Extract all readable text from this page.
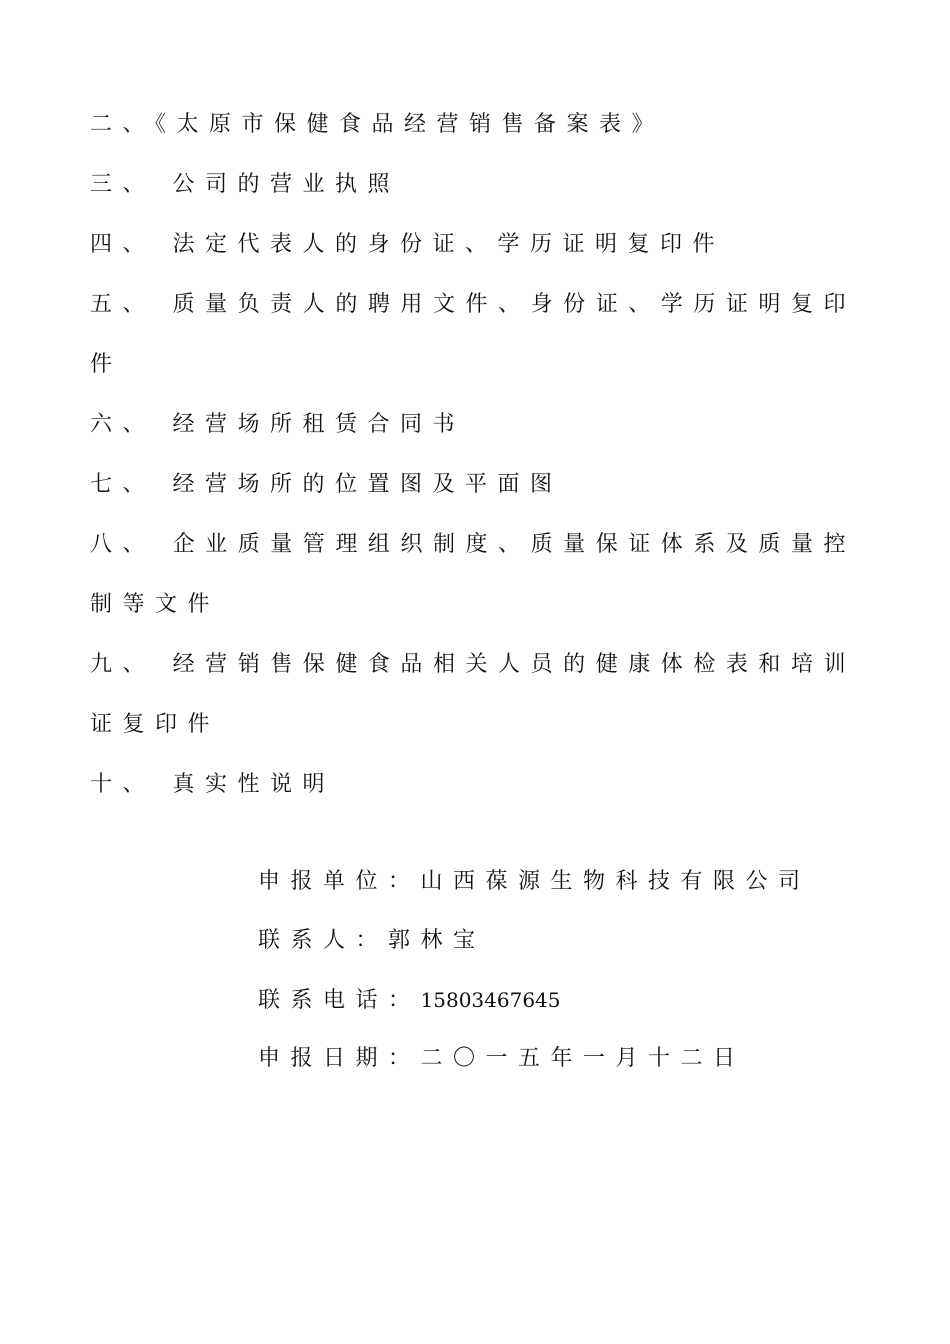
二、《太原市保健食品经营销售备案表》

三、 公司的营业执照

四、 法定代表人的身份证、学历证明复印件

五、 质量负责人的聘用文件、身份证、学历证明复印件

六、 经营场所租赁合同书

七、 经营场所的位置图及平面图

八、 企业质量管理组织制度、质量保证体系及质量控制等文件

九、 经营销售保健食品相关人员的健康体检表和培训证复印件

十、 真实性说明

申报单位：山西葆源生物科技有限公司
联系人：郭林宝
联系电话：15803467645
申报日期：二〇一五年一月十二日
